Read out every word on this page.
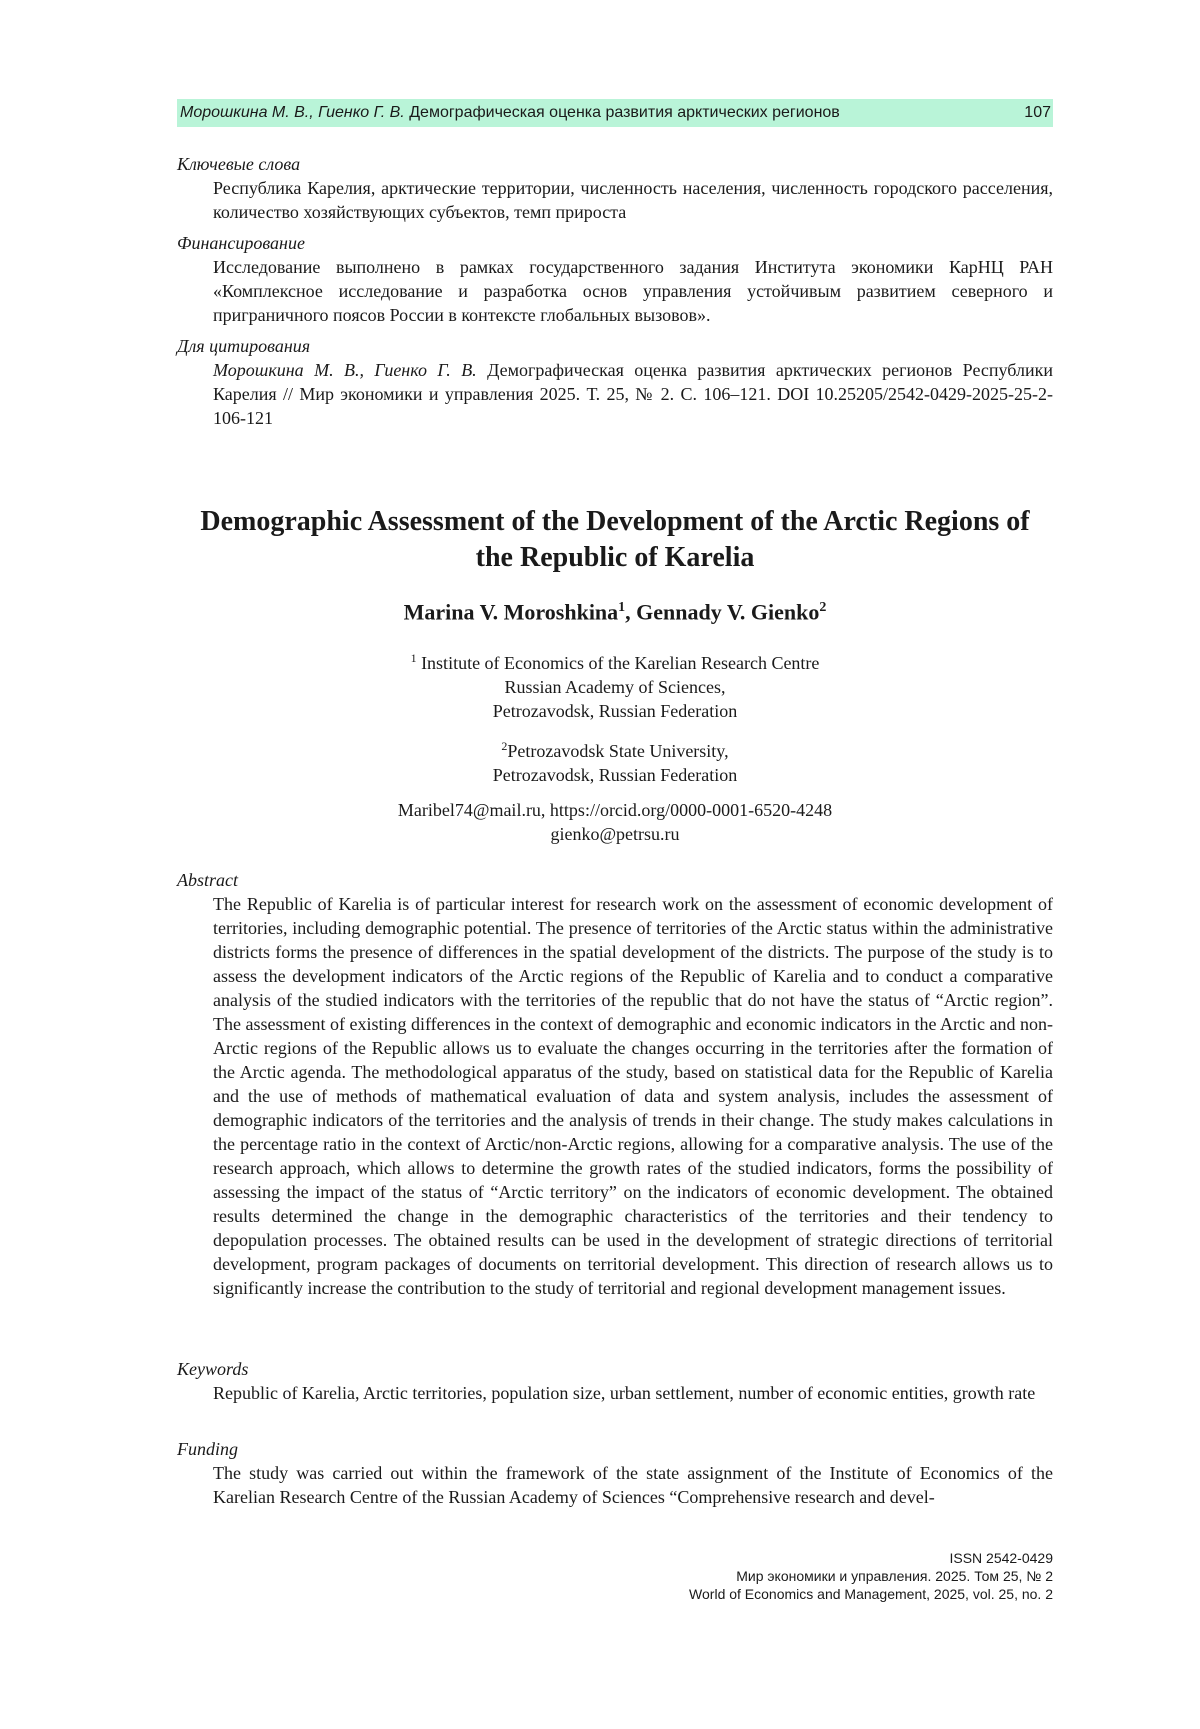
Морошкина М. В., Гиенко Г. В. Демографическая оценка развития арктических регионов	107
Ключевые слова
Республика Карелия, арктические территории, численность населения, численность городского расселения, количество хозяйствующих субъектов, темп прироста
Финансирование
Исследование выполнено в рамках государственного задания Института экономики КарНЦ РАН «Комплексное исследование и разработка основ управления устойчивым развитием северного и приграничного поясов России в контексте глобальных вызовов».
Для цитирования
Морошкина М. В., Гиенко Г. В. Демографическая оценка развития арктических регионов Республики Карелия // Мир экономики и управления 2025. Т. 25, № 2. С. 106–121. DOI 10.25205/2542-0429-2025-25-2-106-121
Demographic Assessment of the Development of the Arctic Regions of the Republic of Karelia
Marina V. Moroshkina$^1$, Gennady V. Gienko$^2$
$^1$ Institute of Economics of the Karelian Research Centre
Russian Academy of Sciences,
Petrozavodsk, Russian Federation
$^2$Petrozavodsk State University,
Petrozavodsk, Russian Federation
Maribel74@mail.ru, https://orcid.org/0000-0001-6520-4248
gienko@petrsu.ru
Abstract
The Republic of Karelia is of particular interest for research work on the assessment of economic development of territories, including demographic potential. The presence of territories of the Arctic status within the administrative districts forms the presence of differences in the spatial development of the districts. The purpose of the study is to assess the development indicators of the Arctic regions of the Republic of Karelia and to conduct a comparative analysis of the studied indicators with the territories of the republic that do not have the status of “Arctic region”. The assessment of existing differences in the context of demographic and economic indicators in the Arctic and non-Arctic regions of the Republic allows us to evaluate the changes occurring in the territories after the formation of the Arctic agenda. The methodological apparatus of the study, based on statistical data for the Republic of Karelia and the use of methods of mathematical evaluation of data and system analysis, includes the assessment of demographic indicators of the territories and the analysis of trends in their change. The study makes calculations in the percentage ratio in the context of Arctic/non-Arctic regions, allowing for a comparative analysis. The use of the research approach, which allows to determine the growth rates of the studied indicators, forms the possibility of assessing the impact of the status of “Arctic territory” on the indicators of economic development. The obtained results determined the change in the demographic characteristics of the territories and their tendency to depopulation processes. The obtained results can be used in the development of strategic directions of territorial development, program packages of documents on territorial development. This direction of research allows us to significantly increase the contribution to the study of territorial and regional development management issues.
Keywords
Republic of Karelia, Arctic territories, population size, urban settlement, number of economic entities, growth rate
Funding
The study was carried out within the framework of the state assignment of the Institute of Economics of the Karelian Research Centre of the Russian Academy of Sciences “Comprehensive research and devel-
ISSN 2542-0429
Мир экономики и управления. 2025. Том 25, № 2
World of Economics and Management, 2025, vol. 25, no. 2
